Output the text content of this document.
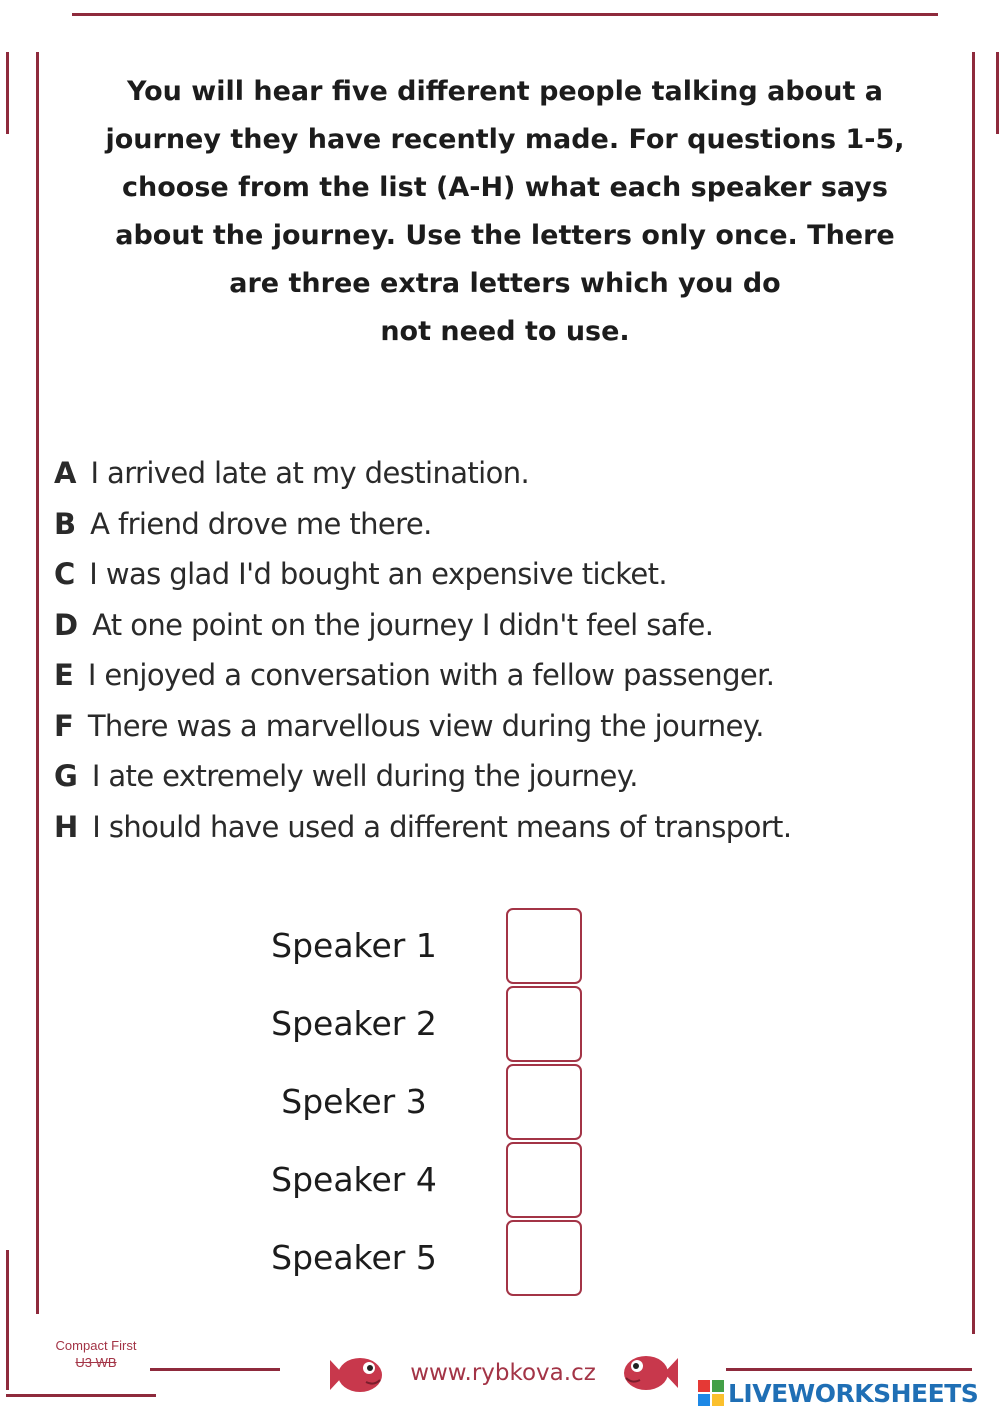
You will hear five different people talking about a
journey they have recently made. For questions 1-5,
choose from the list (A-H) what each speaker says
about the journey. Use the letters only once. There
are three extra letters which you do
not need to use.
A I arrived late at my destination.
B A friend drove me there.
C I was glad I'd bought an expensive ticket.
D At one point on the journey I didn't feel safe.
E I enjoyed a conversation with a fellow passenger.
F There was a marvellous view during the journey.
G I ate extremely well during the journey.
H I should have used a different means of transport.
Speaker 1
Speaker 2
Speker 3
Speaker 4
Speaker 5
Compact First
U3 WB	www.rybkova.cz
LIVEWORKSHEETS
